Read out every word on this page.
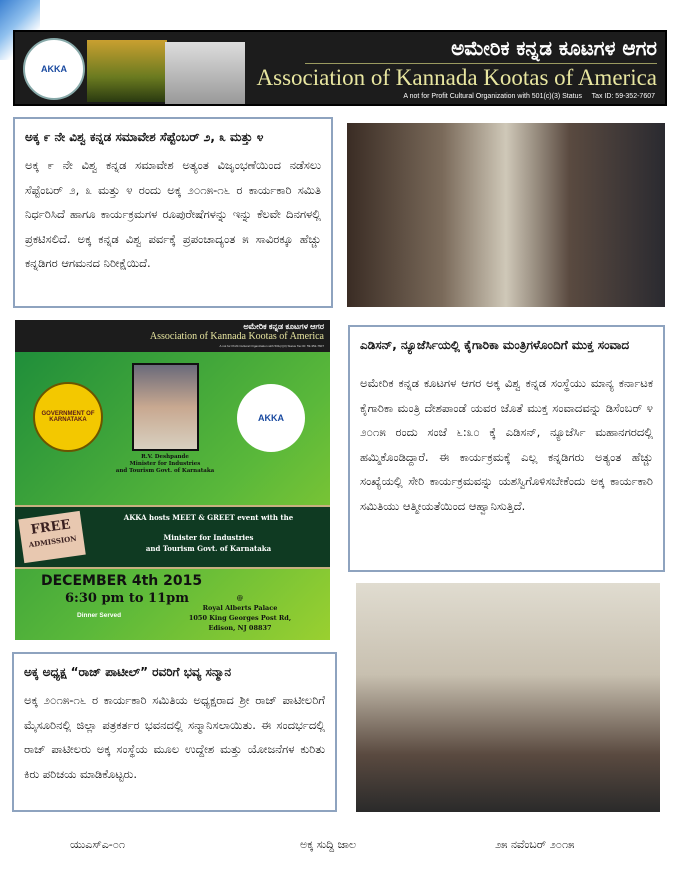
AKKA
ಅಮೇರಿಕ ಕನ್ನಡ ಕೂಟಗಳ ಆಗರ
Association of Kannada Kootas of America
A not for Profit Cultural Organization with 501(c)(3) Status     Tax ID: 59-352-7607
ಅಕ್ಕ ೯ ನೇ ವಿಶ್ವ ಕನ್ನಡ ಸಮಾವೇಶ ಸೆಪ್ಟೆಂಬರ್ ೨, ೩ ಮತ್ತು ೪

ಅಕ್ಕ ೯ ನೇ ವಿಶ್ವ ಕನ್ನಡ ಸಮಾವೇಶ ಅತ್ಯಂತ ವಿಜೃಂಭಣೆಯಿಂದ ನಡೆಸಲು ಸೆಪ್ಟೆಂಬರ್ ೨, ೩ ಮತ್ತು ೪ ರಂದು ಅಕ್ಕ ೨೦೧೫-೧೬ ರ ಕಾರ್ಯಕಾರಿ ಸಮಿತಿ ನಿರ್ಧರಿಸಿದೆ ಹಾಗೂ ಕಾರ್ಯಕ್ರಮಗಳ ರೂಪುರೇಷೆಗಳನ್ನು ಇನ್ನು ಕೆಲವೇ ದಿನಗಳಲ್ಲಿ ಪ್ರಕಟಿಸಲಿದೆ. ಅಕ್ಕ ಕನ್ನಡ ವಿಶ್ವ ಪರ್ವಕ್ಕೆ ಪ್ರಪಂಚಾದ್ಯಂತ ೫ ಸಾವಿರಕ್ಕೂ ಹೆಚ್ಚು ಕನ್ನಡಿಗರ ಆಗಮನದ ನಿರೀಕ್ಷೆಯಿದೆ.

ಅಮೇರಿಕ ಕನ್ನಡ ಕೂಟಗಳ ಆಗರ
Association of Kannada Kootas of America
A not for Profit Cultural Organization with 501(c)(3) Status Tax ID: 59-352-7607
GOVERNMENT OF KARNATAKA
R.V. Deshpande
Minister for Industries
and Tourism Govt. of Karnataka
AKKA
FREE
ADMISSION
AKKA hosts MEET & GREET event with the
Minister for Industries
and Tourism Govt. of Karnataka
DECEMBER 4th 2015
6:30 pm to 11pm
Dinner Served
@
Royal Alberts Palace
1050 King Georges Post Rd,
Edison, NJ 08837
ಎಡಿಸನ್, ನ್ಯೂಜೆರ್ಸಿಯಲ್ಲಿ ಕೈಗಾರಿಕಾ ಮಂತ್ರಿಗಳೊಂದಿಗೆ ಮುಕ್ತ ಸಂವಾದ

ಅಮೇರಿಕ ಕನ್ನಡ ಕೂಟಗಳ ಆಗರ ಅಕ್ಕ ವಿಶ್ವ ಕನ್ನಡ ಸಂಸ್ಥೆಯು ಮಾನ್ಯ ಕರ್ನಾಟಕ ಕೈಗಾರಿಕಾ ಮಂತ್ರಿ ದೇಶಪಾಂಡೆ ಯವರ ಜೊತೆ ಮುಕ್ತ ಸಂವಾದವನ್ನು ಡಿಸೆಂಬರ್ ೪ ೨೦೧೫ ರಂದು ಸಂಜೆ ೬:೩೦ ಕ್ಕೆ ಎಡಿಸನ್, ನ್ಯೂಜೆರ್ಸಿ ಮಹಾನಗರದಲ್ಲಿ ಹಮ್ಮಿಕೊಂಡಿದ್ದಾರೆ. ಈ ಕಾರ್ಯಕ್ರಮಕ್ಕೆ ಎಲ್ಲ ಕನ್ನಡಿಗರು ಅತ್ಯಂತ ಹೆಚ್ಚು ಸಂಖ್ಯೆಯಲ್ಲಿ ಸೇರಿ ಕಾರ್ಯಕ್ರಮವನ್ನು ಯಶಸ್ವಿಗೊಳಿಸಬೇಕೆಂದು ಅಕ್ಕ ಕಾರ್ಯಕಾರಿ ಸಮಿತಿಯು ಆತ್ಮೀಯತೆಯಿಂದ ಆಹ್ವಾನಿಸುತ್ತಿದೆ.

ಅಕ್ಕ ಅಧ್ಯಕ್ಷ “ರಾಜ್ ಪಾಟೀಲ್” ರವರಿಗೆ ಭವ್ಯ ಸನ್ಮಾನ

ಅಕ್ಕ ೨೦೧೫-೧೬ ರ ಕಾರ್ಯಕಾರಿ ಸಮಿತಿಯ ಅಧ್ಯಕ್ಷರಾದ ಶ್ರೀ ರಾಜ್ ಪಾಟೀಲರಿಗೆ ಮೈಸೂರಿನಲ್ಲಿ ಜಿಲ್ಲಾ ಪತ್ರಕರ್ತರ ಭವನದಲ್ಲಿ ಸನ್ಮಾನಿಸಲಾಯಿತು. ಈ ಸಂದರ್ಭದಲ್ಲಿ ರಾಜ್ ಪಾಟೀಲರು ಅಕ್ಕ ಸಂಸ್ಥೆಯ ಮೂಲ ಉದ್ದೇಶ ಮತ್ತು ಯೋಜನೆಗಳ ಕುರಿತು ಕಿರು ಪರಿಚಯ ಮಾಡಿಕೊಟ್ಟರು.

ಯುಎಸ್ಎ-೦೧	ಅಕ್ಕ ಸುದ್ದಿ ಜಾಲ	೨೫ ನವೆಂಬರ್ ೨೦೧೫
